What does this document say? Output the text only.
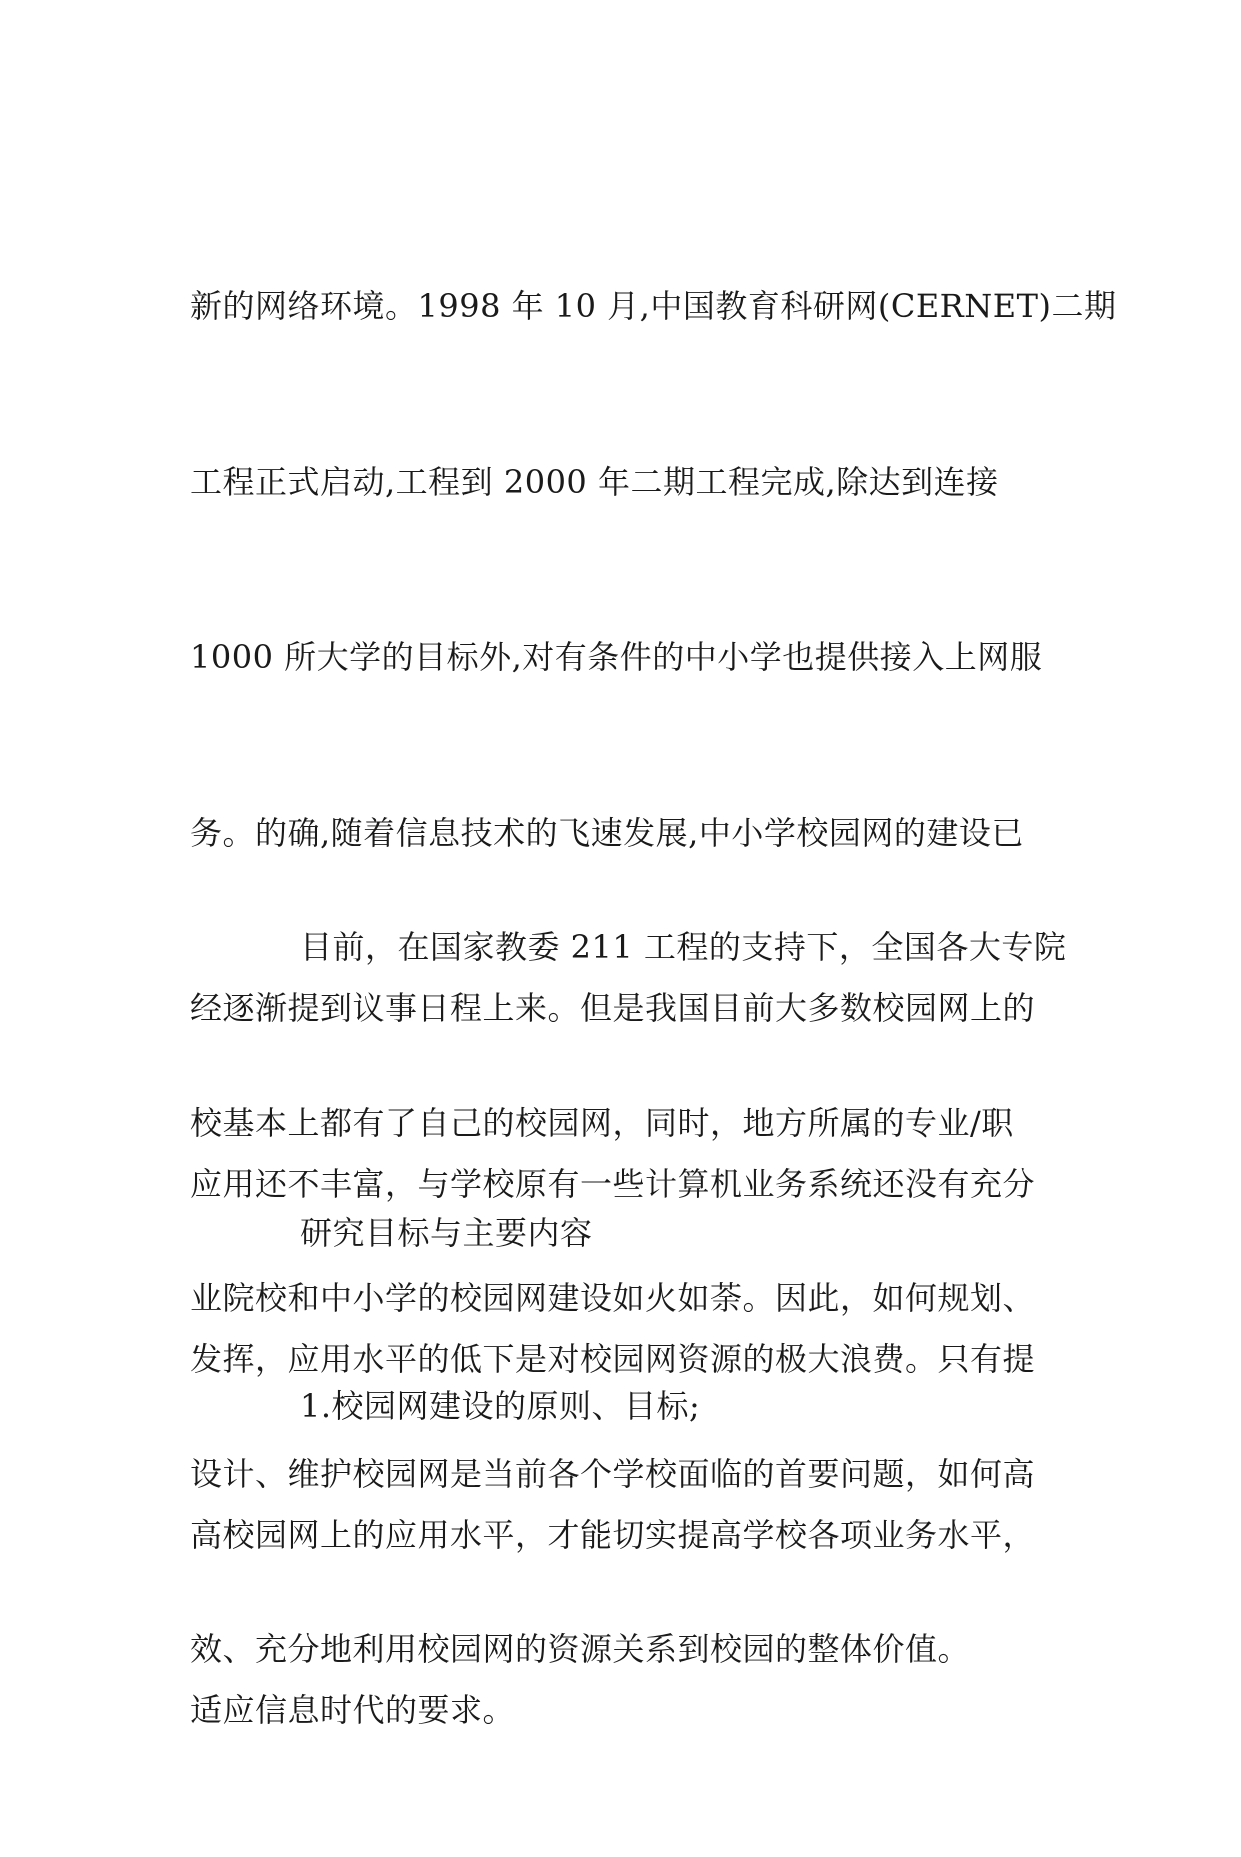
新的网络环境。1998 年 10 月,中国教育科研网(CERNET)二期

工程正式启动,工程到 2000 年二期工程完成,除达到连接

1000 所大学的目标外,对有条件的中小学也提供接入上网服

务。的确,随着信息技术的飞速发展,中小学校园网的建设已

经逐渐提到议事日程上来。但是我国目前大多数校园网上的

应用还不丰富，与学校原有一些计算机业务系统还没有充分

发挥，应用水平的低下是对校园网资源的极大浪费。只有提

高校园网上的应用水平，才能切实提高学校各项业务水平，

适应信息时代的要求。

目前，在国家教委 211 工程的支持下，全国各大专院

校基本上都有了自己的校园网，同时，地方所属的专业/职

业院校和中小学的校园网建设如火如荼。因此，如何规划、

设计、维护校园网是当前各个学校面临的首要问题，如何高

效、充分地利用校园网的资源关系到校园的整体价值。

研究目标与主要内容
1.校园网建设的原则、目标;
